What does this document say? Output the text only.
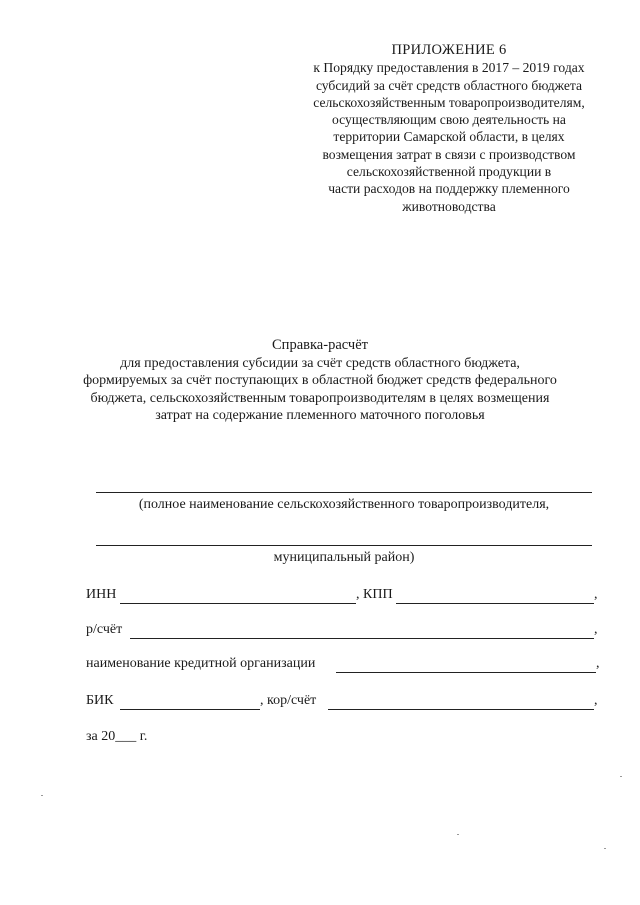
ПРИЛОЖЕНИЕ 6
к Порядку предоставления в 2017 – 2019 годах
субсидий за счёт средств областного бюджета
сельскохозяйственным товаропроизводителям,
осуществляющим свою деятельность на
территории Самарской области, в целях
возмещения затрат в связи с производством
сельскохозяйственной продукции в
части расходов на поддержку племенного
животноводства
Справка-расчёт
для предоставления субсидии за счёт средств областного бюджета,
формируемых за счёт поступающих в областной бюджет средств федерального
бюджета, сельскохозяйственным товаропроизводителям в целях возмещения
затрат на содержание племенного маточного поголовья
(полное наименование сельскохозяйственного товаропроизводителя,
муниципальный район)
ИНН	, КПП	,
р/счёт	,
наименование кредитной организации	,
БИК	, кор/счёт	,
за 20___ г.
